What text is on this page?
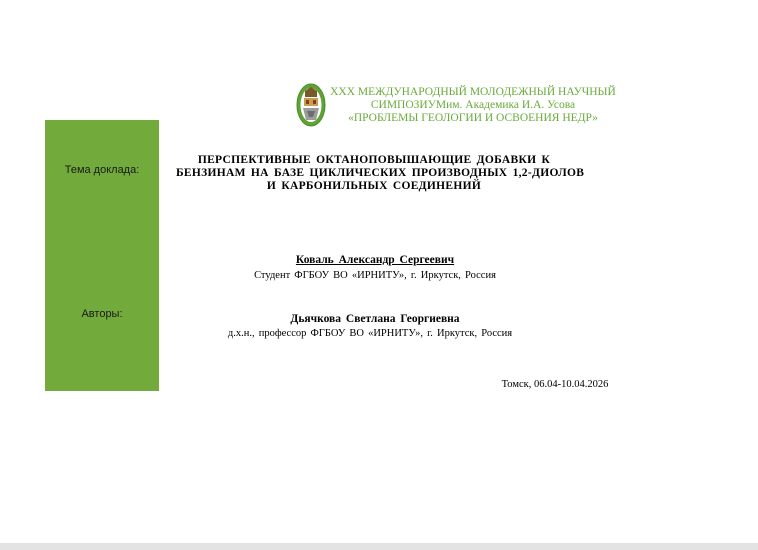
XXX МЕЖДУНАРОДНЫЙ МОЛОДЕЖНЫЙ НАУЧНЫЙ
СИМПОЗИУМим. Академика И.А. Усова
«ПРОБЛЕМЫ ГЕОЛОГИИ И ОСВОЕНИЯ НЕДР»
Тема доклада:
Авторы:
ПЕРСПЕКТИВНЫЕ ОКТАНОПОВЫШАЮЩИЕ ДОБАВКИ К
БЕНЗИНАМ НА БАЗЕ ЦИКЛИЧЕСКИХ ПРОИЗВОДНЫХ 1,2-ДИОЛОВ
И КАРБОНИЛЬНЫХ СОЕДИНЕНИЙ
Коваль Александр Сергеевич
Студент ФГБОУ ВО «ИРНИТУ», г. Иркутск, Россия
Дьячкова Светлана Георгиевна
д.х.н., профессор ФГБОУ ВО «ИРНИТУ», г. Иркутск, Россия
Томск, 06.04-10.04.2026
